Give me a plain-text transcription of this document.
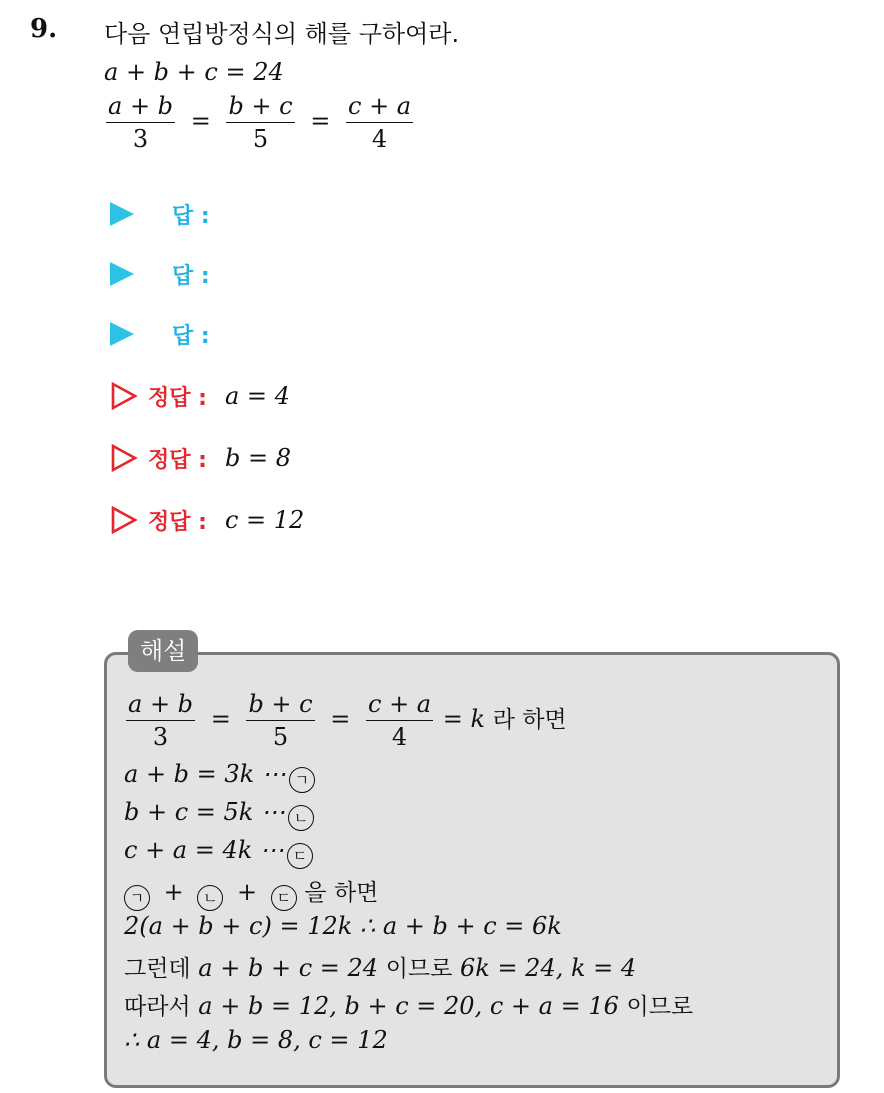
9. 다음 연립방정식의 해를 구하여라.
a + b + c = 24
$\frac{a + b}{3} = \frac{b + c}{5} = \frac{c + a}{4}$
답 :
답 :
답 :
정답 : a = 4
정답 : b = 8
정답 : c = 12
해설
$\frac{a + b}{3} = \frac{b + c}{5} = \frac{c + a}{4} = k$ 라 하면
a + b = 3k ⋯ ㄱ
b + c = 5k ⋯ ㄴ
c + a = 4k ⋯ ㄷ
ㄱ + ㄴ + ㄷ 을 하면
2(a + b + c) = 12k ∴ a + b + c = 6k
그런데 a + b + c = 24 이므로 6k = 24, k = 4
따라서 a + b = 12, b + c = 20, c + a = 16 이므로
∴ a = 4, b = 8, c = 12
